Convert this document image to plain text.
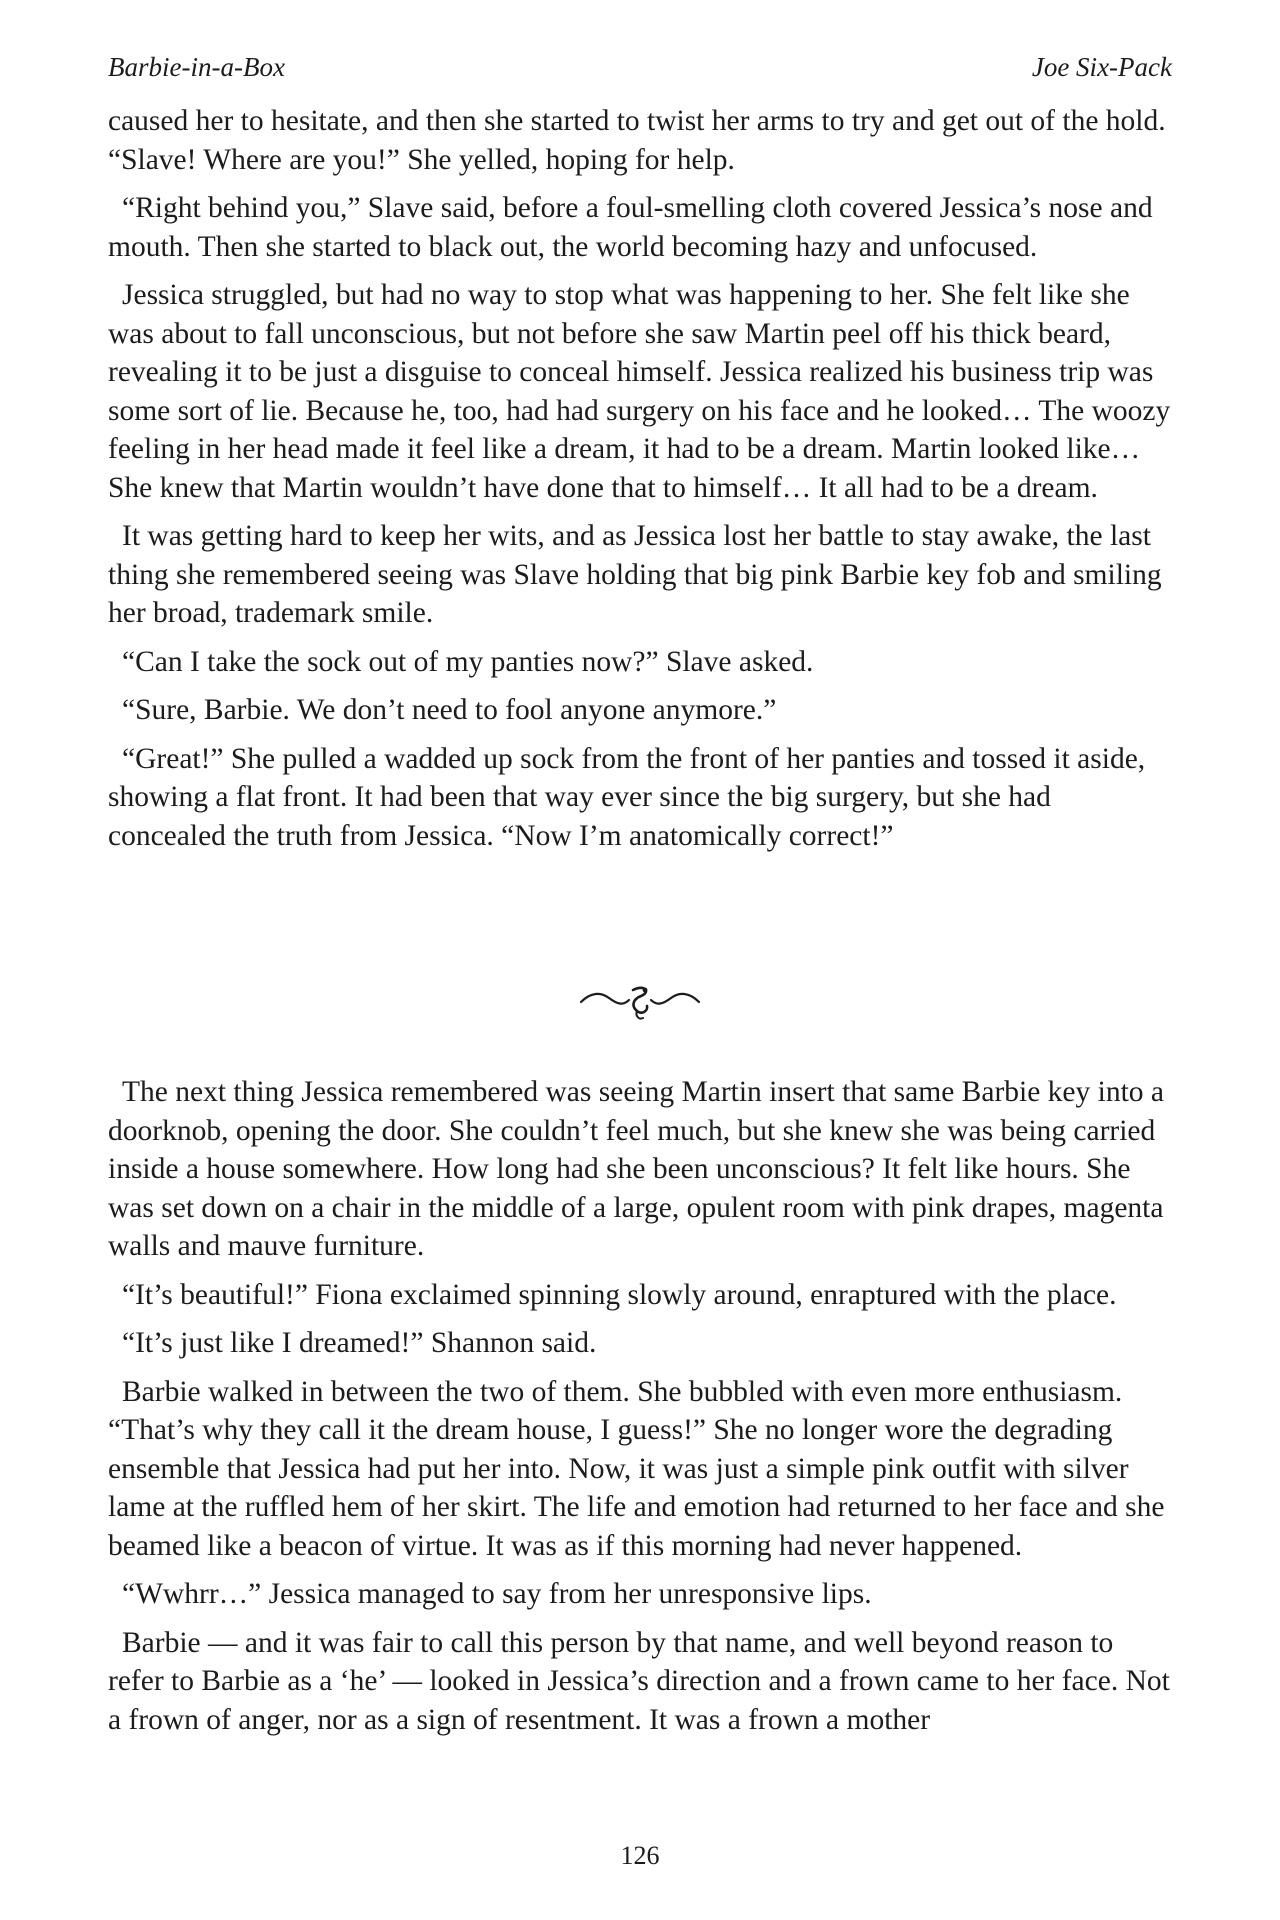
Barbie-in-a-Box	Joe Six-Pack

caused her to hesitate, and then she started to twist her arms to try and get out of the hold. “Slave! Where are you!” She yelled, hoping for help.

“Right behind you,” Slave said, before a foul-smelling cloth covered Jessica’s nose and mouth. Then she started to black out, the world becoming hazy and unfocused.

Jessica struggled, but had no way to stop what was happening to her. She felt like she was about to fall unconscious, but not before she saw Martin peel off his thick beard, revealing it to be just a disguise to conceal himself. Jessica realized his business trip was some sort of lie. Because he, too, had had surgery on his face and he looked… The woozy feeling in her head made it feel like a dream, it had to be a dream. Martin looked like… She knew that Martin wouldn’t have done that to himself… It all had to be a dream.

It was getting hard to keep her wits, and as Jessica lost her battle to stay awake, the last thing she remembered seeing was Slave holding that big pink Barbie key fob and smiling her broad, trademark smile.

“Can I take the sock out of my panties now?” Slave asked.

“Sure, Barbie. We don’t need to fool anyone anymore.”

“Great!” She pulled a wadded up sock from the front of her panties and tossed it aside, showing a flat front. It had been that way ever since the big surgery, but she had concealed the truth from Jessica. “Now I’m anatomically correct!”

The next thing Jessica remembered was seeing Martin insert that same Barbie key into a doorknob, opening the door. She couldn’t feel much, but she knew she was being carried inside a house somewhere. How long had she been unconscious? It felt like hours. She was set down on a chair in the middle of a large, opulent room with pink drapes, magenta walls and mauve furniture.

“It’s beautiful!” Fiona exclaimed spinning slowly around, enraptured with the place.

“It’s just like I dreamed!” Shannon said.

Barbie walked in between the two of them. She bubbled with even more enthusiasm. “That’s why they call it the dream house, I guess!” She no longer wore the degrading ensemble that Jessica had put her into. Now, it was just a simple pink outfit with silver lame at the ruffled hem of her skirt. The life and emotion had returned to her face and she beamed like a beacon of virtue. It was as if this morning had never happened.

“Wwhrr…” Jessica managed to say from her unresponsive lips.

Barbie — and it was fair to call this person by that name, and well beyond reason to refer to Barbie as a ‘he’ — looked in Jessica’s direction and a frown came to her face. Not a frown of anger, nor as a sign of resentment. It was a frown a mother

126
